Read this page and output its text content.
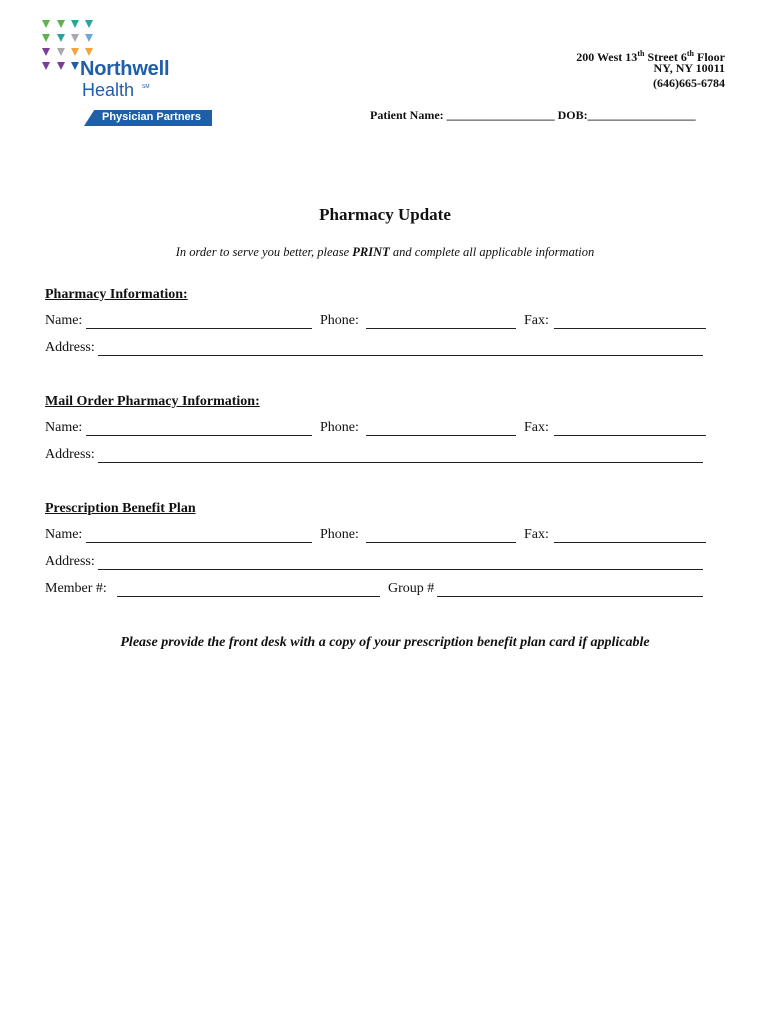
Northwell
Health SM
Physician Partners
200 West 13th Street 6th Floor
NY, NY 10011
(646)665-6784
Patient Name: __________________ DOB:__________________
Pharmacy Update
In order to serve you better, please PRINT and complete all applicable information
Pharmacy Information:
Name:	Phone:	Fax:
Address:
Mail Order Pharmacy Information:
Name:	Phone:	Fax:
Address:
Prescription Benefit Plan
Name:	Phone:	Fax:
Address:
Member #:	Group #
Please provide the front desk with a copy of your prescription benefit plan card if applicable
